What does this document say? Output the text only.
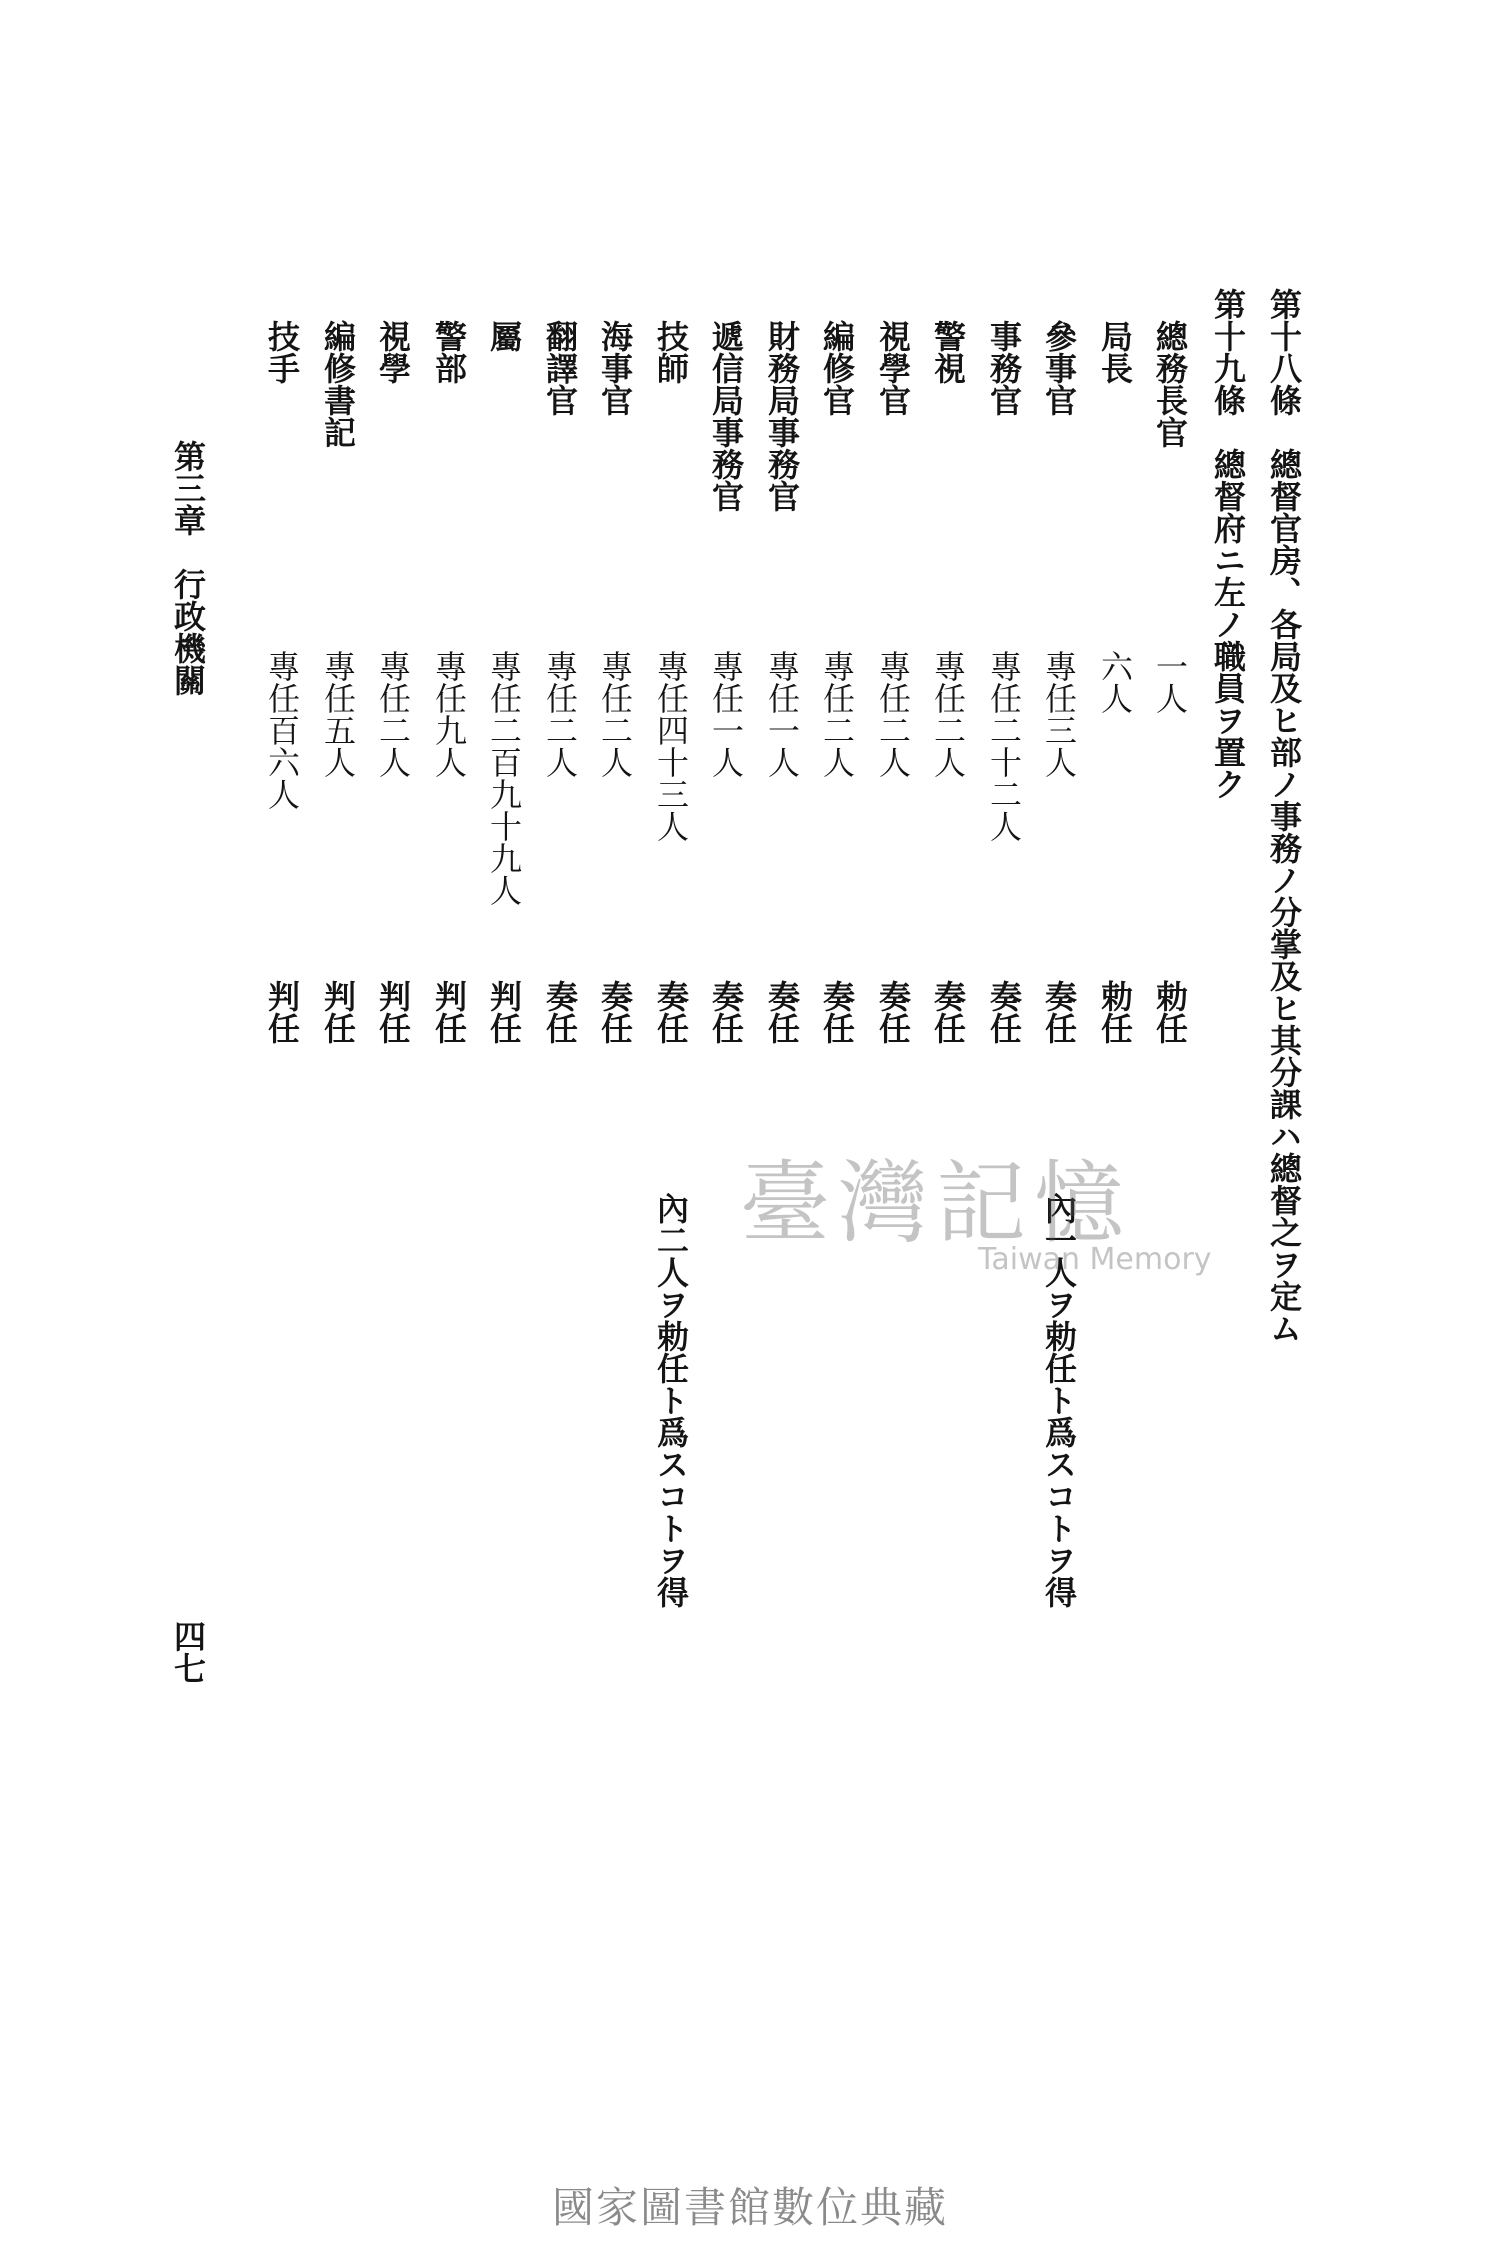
第十八條　總督官房、各局及ヒ部ノ事務ノ分掌及ヒ其分課ハ總督之ヲ定ム
第十九條　總督府ニ左ノ職員ヲ置ク
總務長官
一人
勅任
局長
六人
勅任
參事官
專任三人
奏任
內一人ヲ勅任ト爲スコトヲ得
事務官
專任二十二人
奏任
警視
專任二人
奏任
視學官
專任二人
奏任
編修官
專任二人
奏任
財務局事務官
專任一人
奏任
遞信局事務官
專任一人
奏任
技師
專任四十三人
奏任
內二人ヲ勅任ト爲スコトヲ得
海事官
專任二人
奏任
翻譯官
專任二人
奏任
屬
專任二百九十九人
判任
警部
專任九人
判任
視學
專任二人
判任
編修書記
專任五人
判任
技手
專任百六人
判任
第三章　行政機關
四七
臺灣記憶
Taiwan Memory
國家圖書館數位典藏
